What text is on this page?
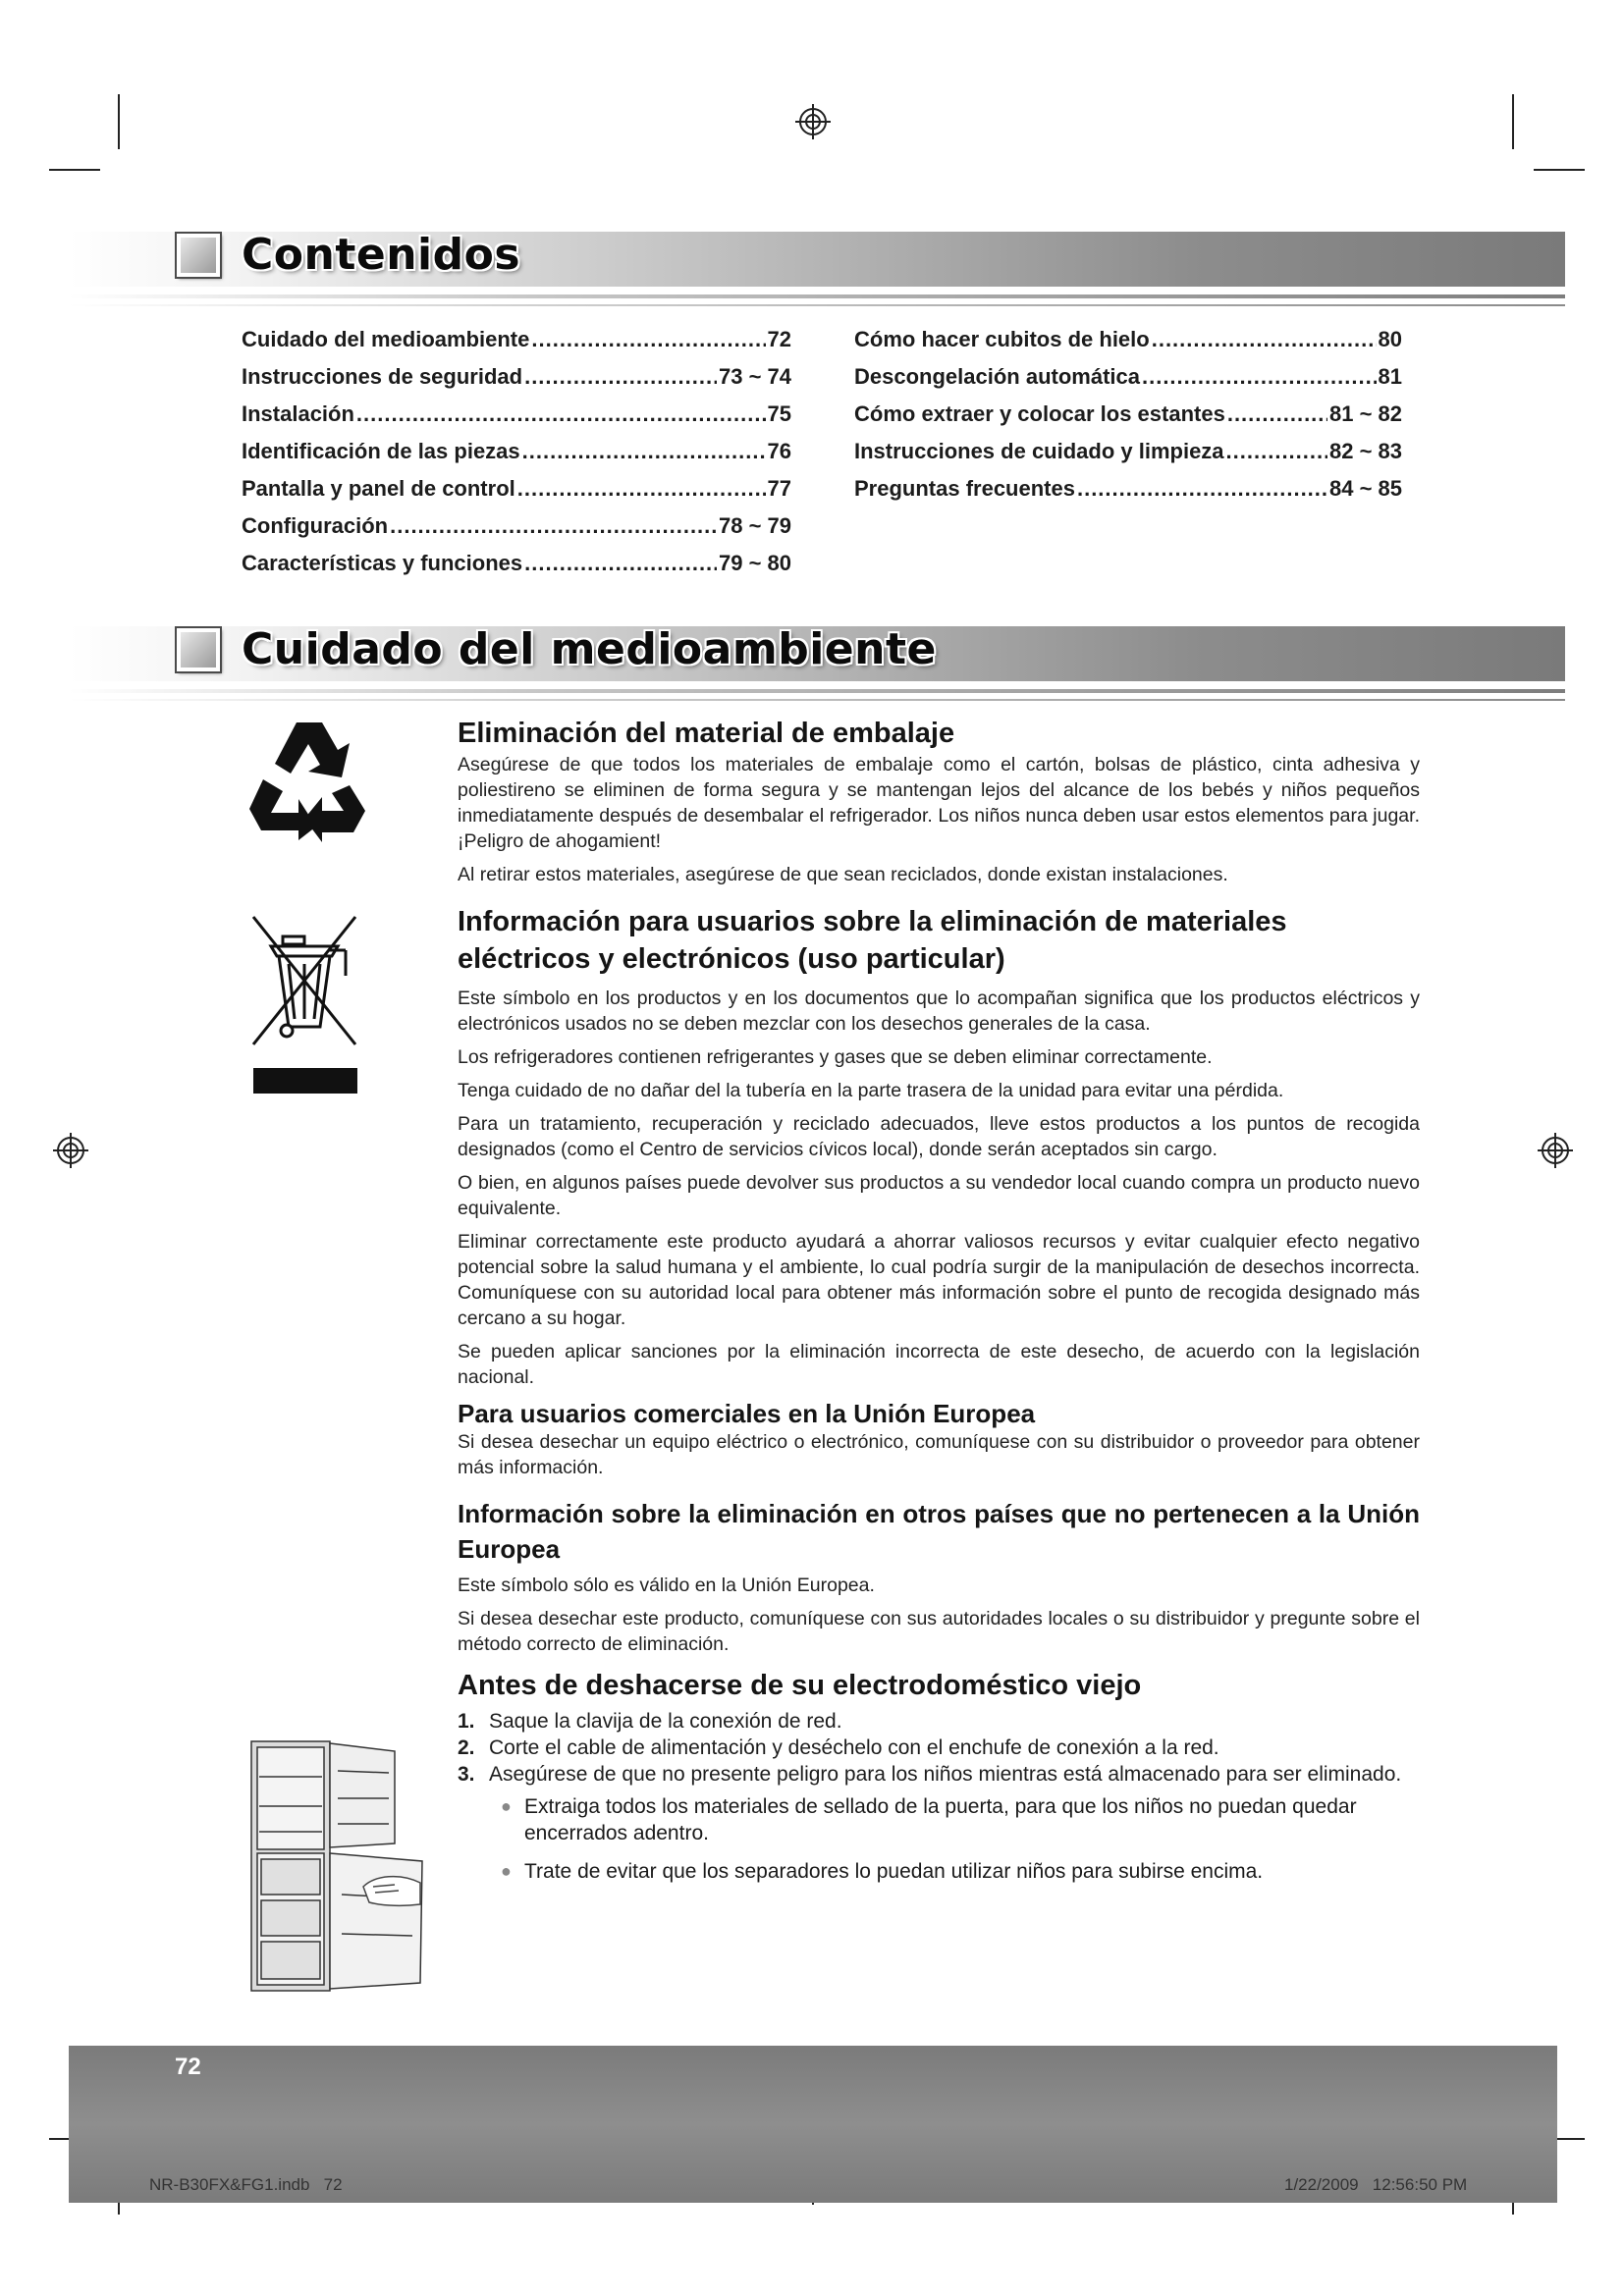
Contenidos
Cuidado del medioambiente .....	72
Instrucciones de seguridad .....	73 ~ 74
Instalación .....	75
Identificación de las piezas .....	76
Pantalla y panel de control .....	77
Configuración .....	78 ~ 79
Características y funciones .....	79 ~ 80
Cómo hacer cubitos de hielo .....	80
Descongelación automática .....	81
Cómo extraer y colocar los estantes .....	81 ~ 82
Instrucciones de cuidado y limpieza .....	82 ~ 83
Preguntas frecuentes .....	84 ~ 85
Cuidado del medioambiente
Eliminación del material de embalaje

Asegúrese de que todos los materiales de embalaje como el cartón, bolsas de plástico, cinta adhesiva y poliestireno se eliminen de forma segura y se mantengan lejos del alcance de los bebés y niños pequeños inmediatamente después de desembalar el refrigerador. Los niños nunca deben usar estos elementos para jugar. ¡Peligro de ahogamient!

Al retirar estos materiales, asegúrese de que sean reciclados, donde existan instalaciones.

Información para usuarios sobre la eliminación de materiales eléctricos y electrónicos (uso particular)

Este símbolo en los productos y en los documentos que lo acompañan significa que los productos eléctricos y electrónicos usados no se deben mezclar con los desechos generales de la casa.

Los refrigeradores contienen refrigerantes y gases que se deben eliminar correctamente.

Tenga cuidado de no dañar del la tubería en la parte trasera de la unidad para evitar una pérdida.

Para un tratamiento, recuperación y reciclado adecuados, lleve estos productos a los puntos de recogida designados (como el Centro de servicios cívicos local), donde serán aceptados sin cargo.

O bien, en algunos países puede devolver sus productos a su vendedor local cuando compra un producto nuevo equivalente.

Eliminar correctamente este producto ayudará a ahorrar valiosos recursos y evitar cualquier efecto negativo potencial sobre la salud humana y el ambiente, lo cual podría surgir de la manipulación de desechos incorrecta. Comuníquese con su autoridad local para obtener más información sobre el punto de recogida designado más cercano a su hogar.

Se pueden aplicar sanciones por la eliminación incorrecta de este desecho, de acuerdo con la legislación nacional.

Para usuarios comerciales en la Unión Europea

Si desea desechar un equipo eléctrico o electrónico, comuníquese con su distribuidor o proveedor para obtener más información.

Información sobre la eliminación en otros países que no pertenecen a la Unión Europea

Este símbolo sólo es válido en la Unión Europea.

Si desea desechar este producto, comuníquese con sus autoridades locales o su distribuidor y pregunte sobre el método correcto de eliminación.

Antes de deshacerse de su electrodoméstico viejo
1. Saque la clavija de la conexión de red.
2. Corte el cable de alimentación y deséchelo con el enchufe de conexión a la red.
3. Asegúrese de que no presente peligro para los niños mientras está almacenado para ser eliminado.
● Extraiga todos los materiales de sellado de la puerta, para que los niños no puedan quedar encerrados adentro.
● Trate de evitar que los separadores lo puedan utilizar niños para subirse encima.
72
NR-B30FX&FG1.indb   72	1/22/2009   12:56:50 PM
